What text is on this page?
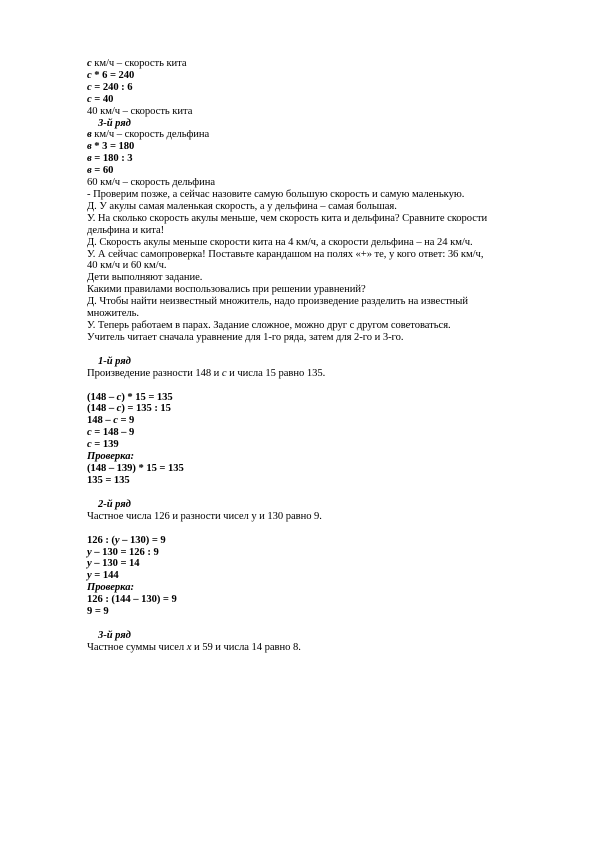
c км/ч – скорость кита
c * 6 = 240
c = 240 : 6
c = 40
40 км/ч – скорость кита
3-й ряд
в км/ч – скорость дельфина
в * 3 = 180
в = 180 : 3
в = 60
60 км/ч – скорость дельфина
- Проверим позже, а сейчас назовите самую большую скорость и самую маленькую.
Д. У акулы самая маленькая скорость, а у дельфина – самая большая.
У. На сколько скорость акулы меньше, чем скорость кита и дельфина? Сравните скорости
дельфина и кита!
Д. Скорость акулы меньше скорости кита на 4 км/ч, а скорости дельфина – на 24 км/ч.
У. А сейчас самопроверка! Поставьте карандашом на полях «+» те, у кого ответ: 36 км/ч,
40 км/ч и 60 км/ч.
Дети выполняют задание.
Какими правилами воспользовались при решении уравнений?
Д. Чтобы найти неизвестный множитель, надо произведение разделить на известный
множитель.
У. Теперь работаем в парах. Задание сложное, можно друг с другом советоваться.
Учитель читает сначала уравнение для 1-го ряда, затем для 2-го и 3-го.
1-й ряд
Произведение разности 148 и с и числа 15 равно 135.
(148 – с) * 15 = 135
(148 – с) = 135 : 15
148 – с = 9
с = 148 – 9
с = 139
Проверка:
(148 – 139) * 15 = 135
135 = 135
2-й ряд
Частное числа 126 и разности чисел y и 130 равно 9.
126 : (y – 130) = 9
y – 130 = 126 : 9
y – 130 = 14
y = 144
Проверка:
126 : (144 – 130) = 9
9 = 9
3-й ряд
Частное суммы чисел x и 59 и числа 14 равно 8.
